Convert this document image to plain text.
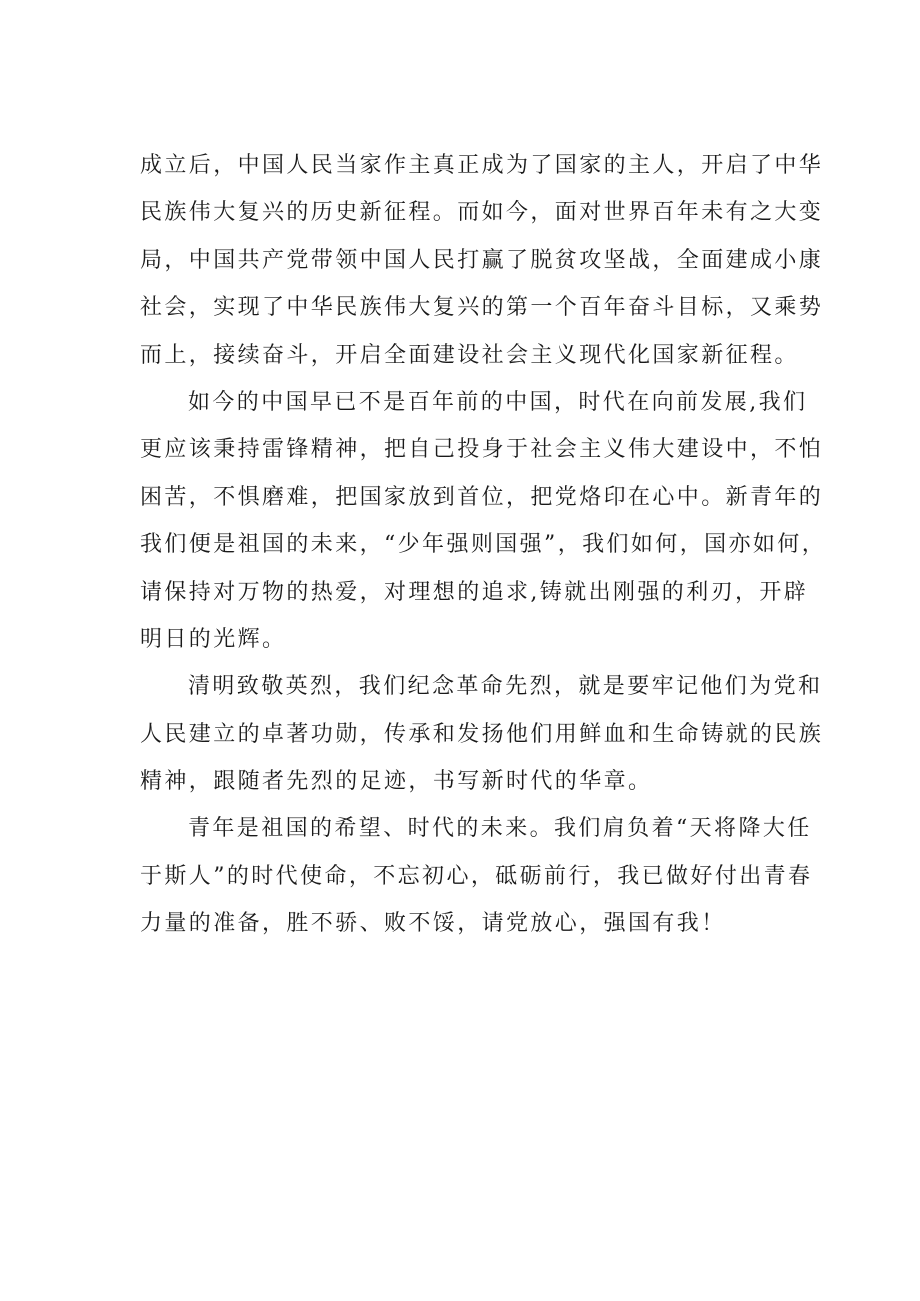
成立后，中国人民当家作主真正成为了国家的主人，开启了中华
民族伟大复兴的历史新征程。而如今，面对世界百年未有之大变
局，中国共产党带领中国人民打赢了脱贫攻坚战，全面建成小康
社会，实现了中华民族伟大复兴的第一个百年奋斗目标，又乘势
而上，接续奋斗，开启全面建设社会主义现代化国家新征程。
如今的中国早已不是百年前的中国，时代在向前发展,我们
更应该秉持雷锋精神，把自己投身于社会主义伟大建设中，不怕
困苦，不惧磨难，把国家放到首位，把党烙印在心中。新青年的
我们便是祖国的未来，“少年强则国强”，我们如何，国亦如何，
请保持对万物的热爱，对理想的追求,铸就出刚强的利刃，开辟
明日的光辉。
清明致敬英烈，我们纪念革命先烈，就是要牢记他们为党和
人民建立的卓著功勋，传承和发扬他们用鲜血和生命铸就的民族
精神，跟随者先烈的足迹，书写新时代的华章。
青年是祖国的希望、时代的未来。我们肩负着“天将降大任
于斯人”的时代使命，不忘初心，砥砺前行，我已做好付出青春
力量的准备，胜不骄、败不馁，请党放心，强国有我！
